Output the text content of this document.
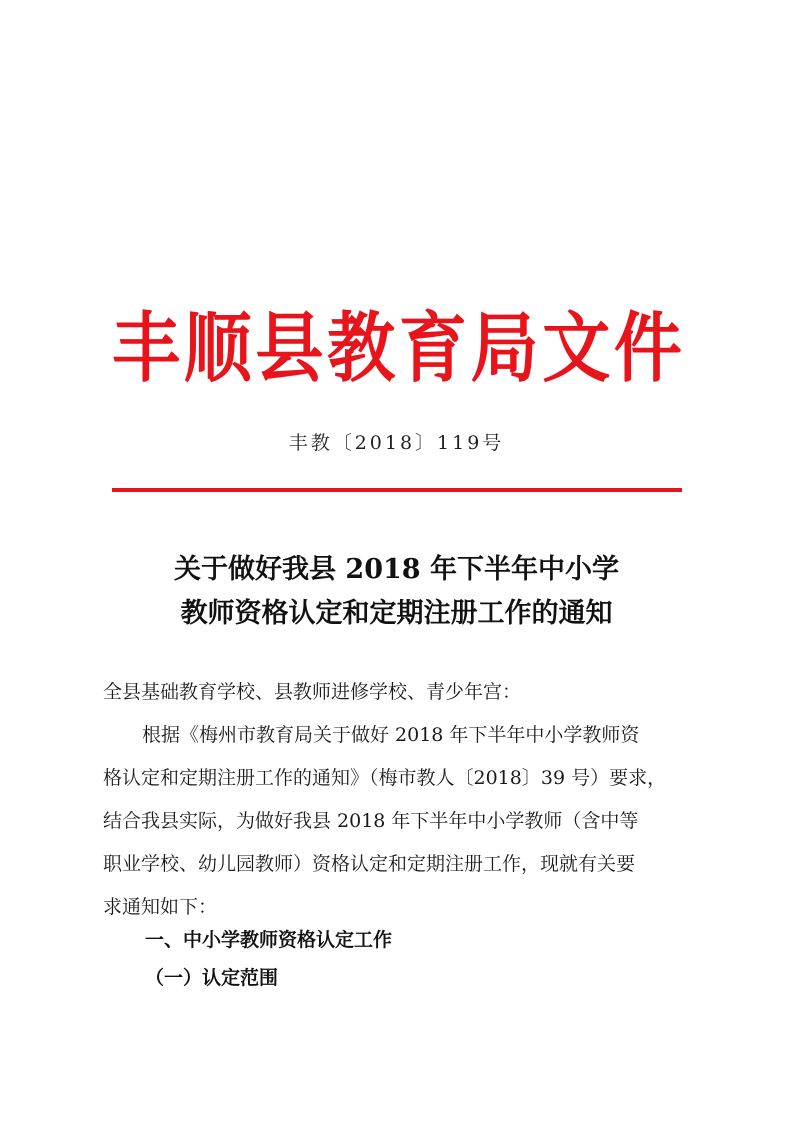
丰 顺 县 教 育 局 文 件
丰教〔2018〕119号
关于做好我县 2018 年下半年中小学
教师资格认定和定期注册工作的通知
全县基础教育学校、县教师进修学校、青少年宫：
根据《梅州市教育局关于做好 2018 年下半年中小学教师资
格认定和定期注册工作的通知》（梅市教人〔2018〕39 号）要求，
结合我县实际，为做好我县 2018 年下半年中小学教师（含中等
职业学校、幼儿园教师）资格认定和定期注册工作，现就有关要
求通知如下：
一、中小学教师资格认定工作
（一）认定范围
